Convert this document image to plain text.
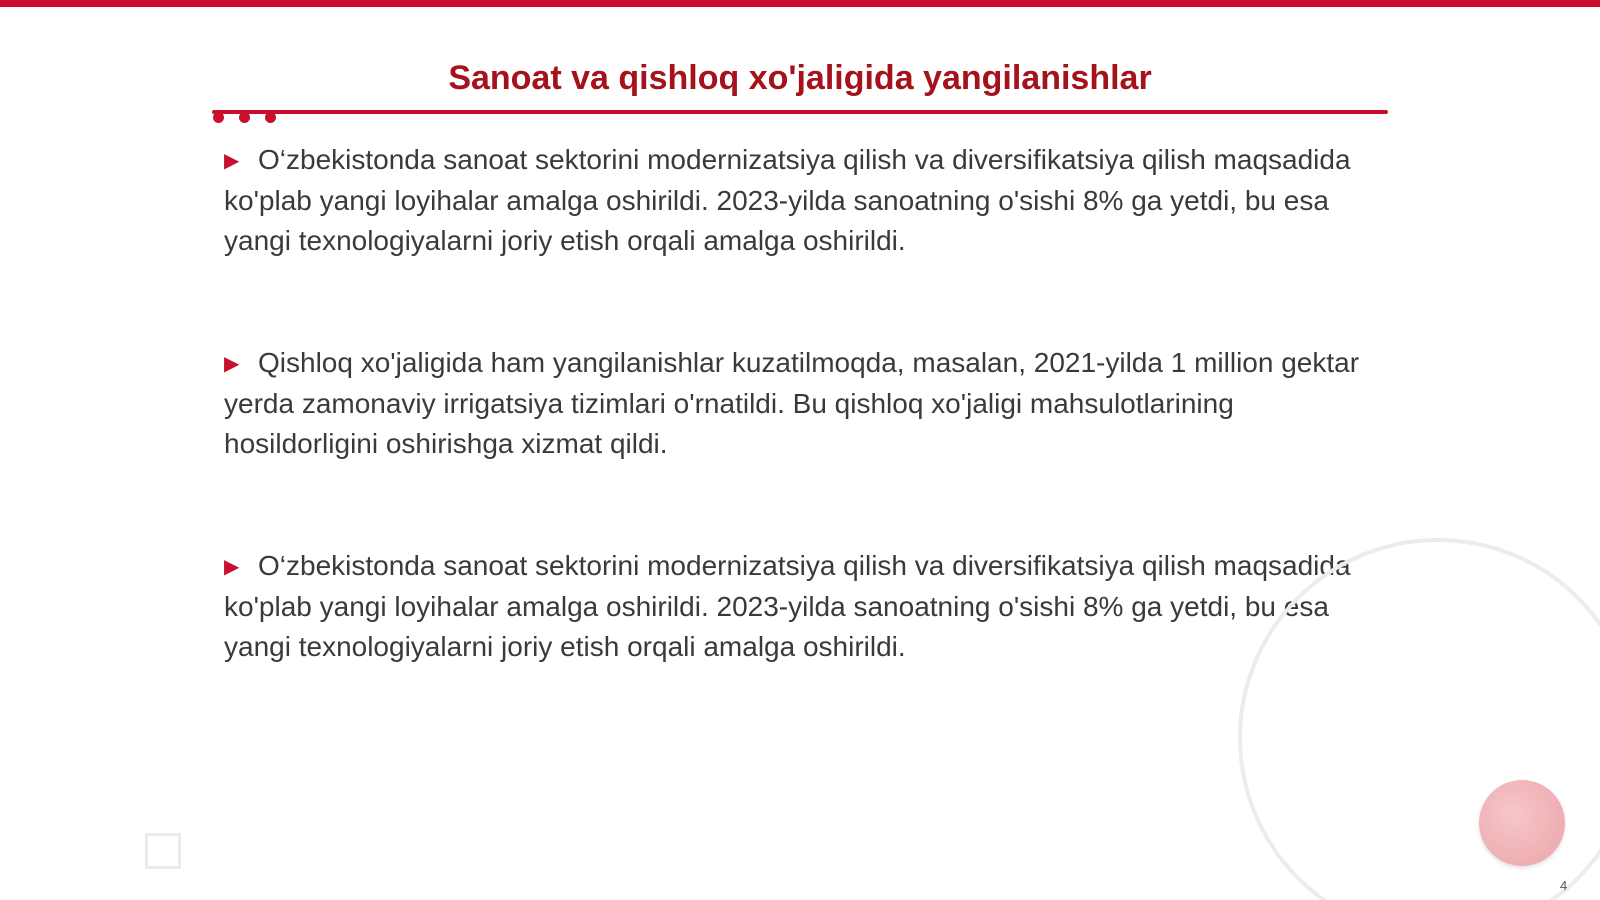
Sanoat va qishloq xo'jaligida yangilanishlar
▶ O‘zbekistonda sanoat sektorini modernizatsiya qilish va diversifikatsiya qilish maqsadida ko'plab yangi loyihalar amalga oshirildi. 2023-yilda sanoatning o'sishi 8% ga yetdi, bu esa yangi texnologiyalarni joriy etish orqali amalga oshirildi.
▶ Qishloq xo'jaligida ham yangilanishlar kuzatilmoqda, masalan, 2021-yilda 1 million gektar yerda zamonaviy irrigatsiya tizimlari o'rnatildi. Bu qishloq xo'jaligi mahsulotlarining hosildorligini oshirishga xizmat qildi.
▶ O‘zbekistonda sanoat sektorini modernizatsiya qilish va diversifikatsiya qilish maqsadida ko'plab yangi loyihalar amalga oshirildi. 2023-yilda sanoatning o'sishi 8% ga yetdi, bu esa yangi texnologiyalarni joriy etish orqali amalga oshirildi.
4
